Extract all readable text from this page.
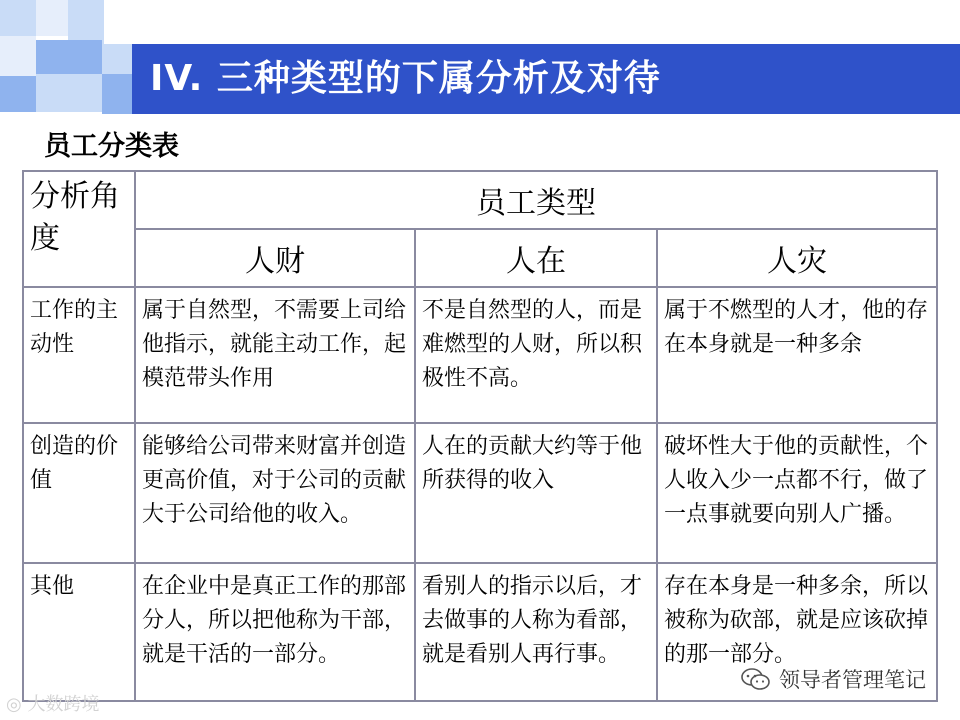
IV. 三种类型的下属分析及对待
员工分类表
分析角度	员工类型		
	人财	人在	人灾
工作的主动性	属于自然型，不需要上司给他指示，就能主动工作，起模范带头作用	不是自然型的人，而是难燃型的人财，所以积极性不高。	属于不燃型的人才，他的存在本身就是一种多余
创造的价值	能够给公司带来财富并创造更高价值，对于公司的贡献大于公司给他的收入。	人在的贡献大约等于他所获得的收入	破坏性大于他的贡献性，个人收入少一点都不行，做了一点事就要向别人广播。
其他	在企业中是真正工作的那部分人，所以把他称为干部，就是干活的一部分。	看别人的指示以后，才去做事的人称为看部，就是看别人再行事。	存在本身是一种多余，所以被称为砍部，就是应该砍掉的那一部分。
◎ 大数跨境
领导者管理笔记
